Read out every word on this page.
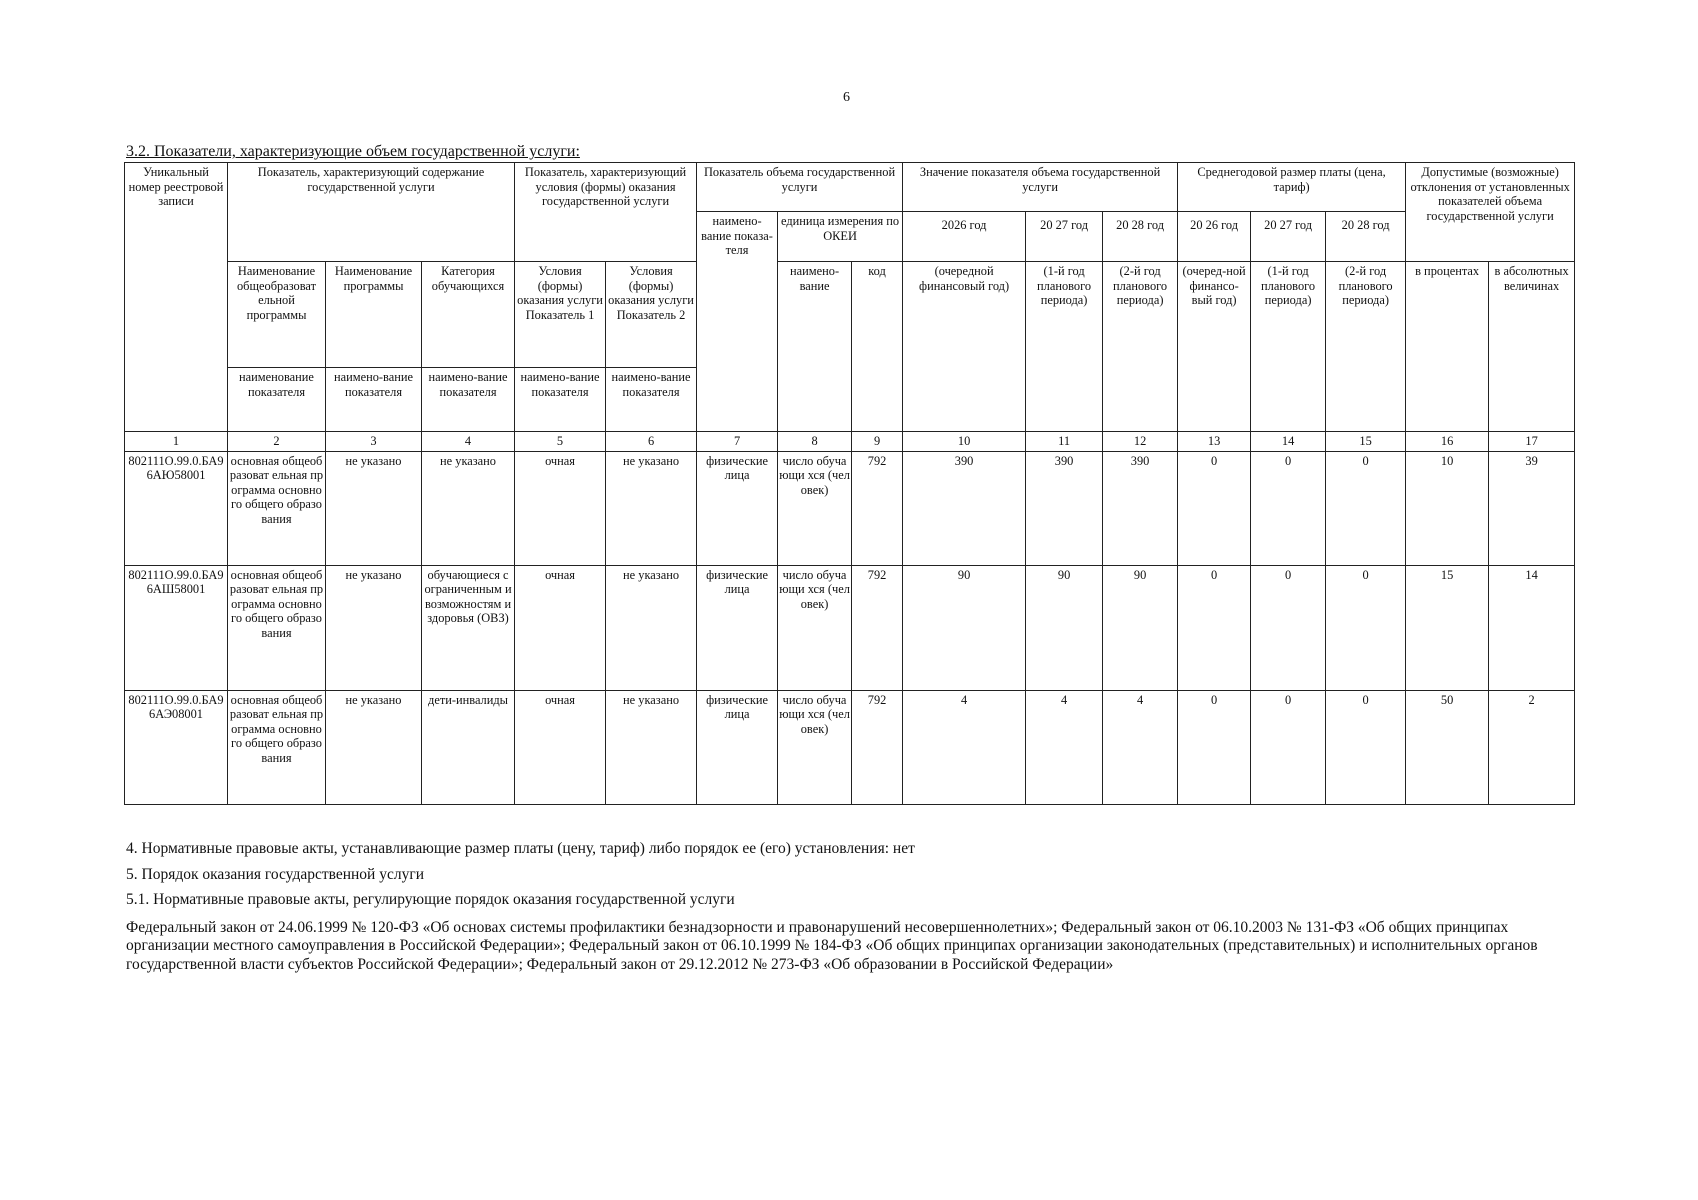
6
3.2. Показатели, характеризующие объем государственной услуги:
Уникальный номер реестровой записи	Показатель, характеризующий содержание государственной услуги			Показатель, характеризующий условия (формы) оказания государственной услуги		Показатель объема государственной услуги			Значение показателя объема государственной услуги			Среднегодовой размер платы (цена, тариф)			Допустимые (возможные) отклонения от установленных показателей объема государственной услуги	
						наимено-вание показа-теля	единица измерения по ОКЕИ		2026 год	20 27 год	20 28 год	20 26 год	20 27 год	20 28 год		
	Наименование общеобразоват ельной программы	Наименование программы	Категория обучающихся	Условия (формы) оказания услуги Показатель 1	Условия (формы) оказания услуги Показатель 2		наимено-вание	код	(очередной финансовый год)	(1-й год планового периода)	(2-й год планового периода)	(очеред-ной финансо-вый год)	(1-й год планового периода)	(2-й год планового периода)	в процентах	в абсолютных величинах
	наименование показателя	наимено-вание показателя	наимено-вание показателя	наимено-вание показателя	наимено-вание показателя											
1	2	3	4	5	6	7	8	9	10	11	12	13	14	15	16	17
802111О.99.0.БА96АЮ58001	основная общеобразоват ельная программа основного общего образования	не указано	не указано	очная	не указано	физические лица	число обучающи хся (человек)	792	390	390	390	0	0	0	10	39
802111О.99.0.БА96АШ58001	основная общеобразоват ельная программа основного общего образования	не указано	обучающиеся с ограниченным и возможностям и здоровья (ОВЗ)	очная	не указано	физические лица	число обучающи хся (человек)	792	90	90	90	0	0	0	15	14
802111О.99.0.БА96АЭ08001	основная общеобразоват ельная программа основного общего образования	не указано	дети-инвалиды	очная	не указано	физические лица	число обучающи хся (человек)	792	4	4	4	0	0	0	50	2

4. Нормативные правовые акты, устанавливающие размер платы (цену, тариф) либо порядок ее (его) установления: нет

5. Порядок оказания государственной услуги

5.1. Нормативные правовые акты, регулирующие порядок оказания государственной услуги

Федеральный закон от 24.06.1999 № 120-ФЗ «Об основах системы профилактики безнадзорности и правонарушений несовершеннолетних»; Федеральный закон от 06.10.2003 № 131-ФЗ «Об общих принципах организации местного самоуправления в Российской Федерации»; Федеральный закон от 06.10.1999 № 184-ФЗ «Об общих принципах организации законодательных (представительных) и исполнительных органов государственной власти субъектов Российской Федерации»; Федеральный закон от 29.12.2012 № 273-ФЗ «Об образовании в Российской Федерации»
